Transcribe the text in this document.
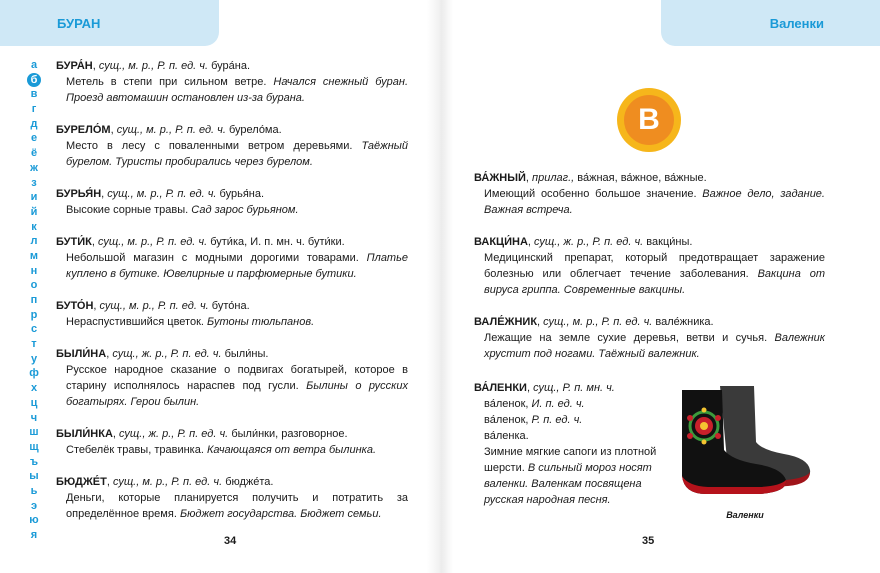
БУРАН	Валенки
а
б
в
г
д
е
ё
ж
з
и
й
к
л
м
н
о
п
р
с
т
у
ф
х
ц
ч
ш
щ
ъ
ы
ь
э
ю
я
БУРА́Н, сущ., м. р., Р. п. ед. ч. бура́на.
Метель в степи при сильном ветре. Начался снежный буран. Проезд автомашин остановлен из-за бурана.
БУРЕЛО́М, сущ., м. р., Р. п. ед. ч. бурело́ма.
Место в лесу с поваленными ветром деревьями. Таёжный бурелом. Туристы пробирались через бурелом.
БУРЬЯ́Н, сущ., м. р., Р. п. ед. ч. бурья́на.
Высокие сорные травы. Сад зарос бурьяном.
БУТИ́К, сущ., м. р., Р. п. ед. ч. бути́ка, И. п. мн. ч. бути́ки.
Небольшой магазин с модными дорогими товарами. Платье куплено в бутике. Ювелирные и парфюмерные бутики.
БУТО́Н, сущ., м. р., Р. п. ед. ч. буто́на.
Нераспустившийся цветок. Бутоны тюльпанов.
БЫЛИ́НА, сущ., ж. р., Р. п. ед. ч. были́ны.
Русское народное сказание о подвигах богатырей, которое в старину исполнялось нараспев под гусли. Былины о русских богатырях. Герои былин.
БЫЛИ́НКА, сущ., ж. р., Р. п. ед. ч. были́нки, разговорное.
Стебелёк травы, травинка. Качающаяся от ветра былинка.
БЮДЖЕ́Т, сущ., м. р., Р. п. ед. ч. бюдже́та.
Деньги, которые планируется получить и потратить за определённое время. Бюджет государства. Бюджет семьи.
В
ВА́ЖНЫЙ, прилаг., ва́жная, ва́жное, ва́жные.
Имеющий особенно большое значение. Важное дело, задание. Важная встреча.
ВАКЦИ́НА, сущ., ж. р., Р. п. ед. ч. вакци́ны.
Медицинский препарат, который предотвращает заражение болезнью или облегчает течение заболевания. Вакцина от вируса гриппа. Современные вакцины.
ВАЛЕ́ЖНИК, сущ., м. р., Р. п. ед. ч. вале́жника.
Лежащие на земле сухие деревья, ветви и сучья. Валежник хрустит под ногами. Таёжный валежник.
ВА́ЛЕНКИ, сущ., Р. п. мн. ч.
ва́ленок, И. п. ед. ч.
ва́ленок, Р. п. ед. ч.
ва́ленка.
Зимние мягкие сапоги из плотной шерсти. В сильный мороз носят валенки. Валенкам посвящена русская народная песня.
Валенки
34	35
